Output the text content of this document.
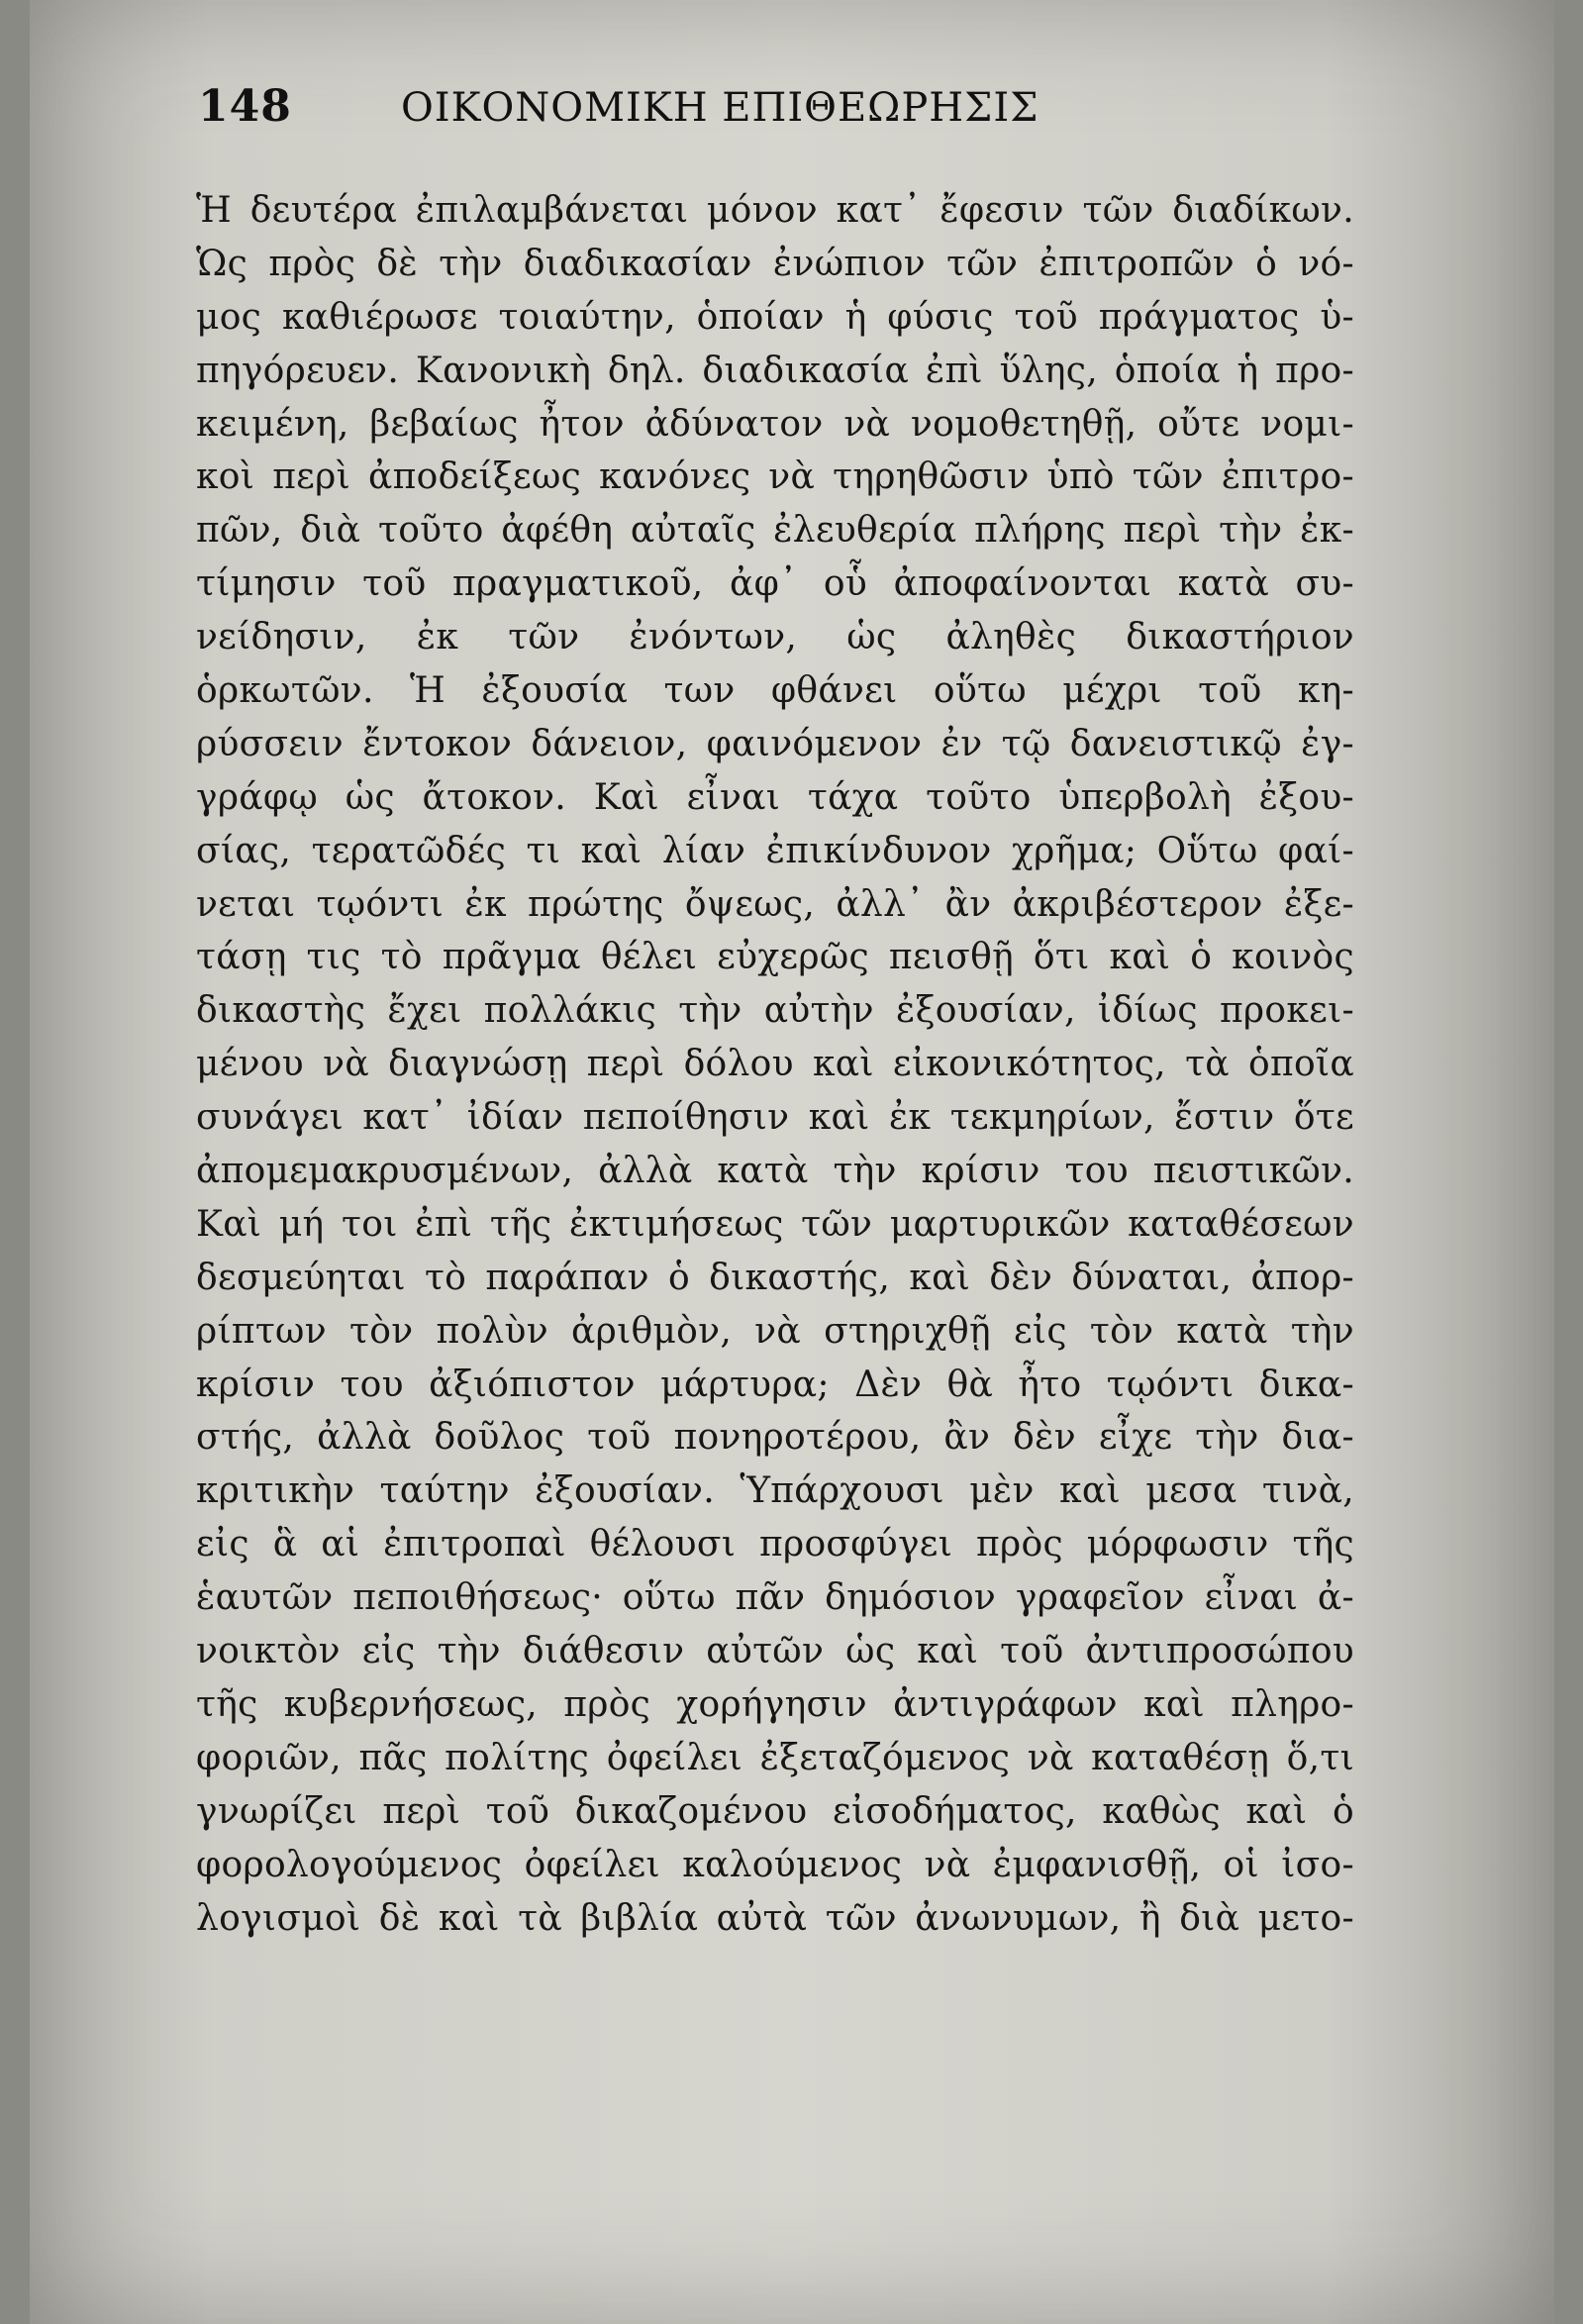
148	ΟΙΚΟΝΟΜΙΚΗ ΕΠΙΘΕΩΡΗΣΙΣ
Ἡ δευτέρα ἐπιλαμβάνεται μόνον κατ᾽ ἔφεσιν τῶν διαδίκων.
Ὡς πρὸς δὲ τὴν διαδικασίαν ἐνώπιον τῶν ἐπιτροπῶν ὁ νό-
μος καθιέρωσε τοιαύτην, ὁποίαν ἡ φύσις τοῦ πράγματος ὑ-
πηγόρευεν. Κανονικὴ δηλ. διαδικασία ἐπὶ ὕλης, ὁποία ἡ προ-
κειμένη, βεβαίως ἦτον ἀδύνατον νὰ νομοθετηθῇ, οὔτε νομι-
κοὶ περὶ ἀποδείξεως κανόνες νὰ τηρηθῶσιν ὑπὸ τῶν ἐπιτρο-
πῶν, διὰ τοῦτο ἀφέθη αὐταῖς ἐλευθερία πλήρης περὶ τὴν ἐκ-
τίμησιν τοῦ πραγματικοῦ, ἀφ᾽ οὗ ἀποφαίνονται κατὰ συ-
νείδησιν, ἐκ τῶν ἐνόντων, ὡς ἀληθὲς δικαστήριον
ὁρκωτῶν. Ἡ ἐξουσία των φθάνει οὕτω μέχρι τοῦ κη-
ρύσσειν ἔντοκον δάνειον, φαινόμενον ἐν τῷ δανειστικῷ ἐγ-
γράφῳ ὡς ἄτοκον. Καὶ εἶναι τάχα τοῦτο ὑπερβολὴ ἐξου-
σίας, τερατῶδές τι καὶ λίαν ἐπικίνδυνον χρῆμα; Οὕτω φαί-
νεται τῳόντι ἐκ πρώτης ὄψεως, ἀλλ᾽ ἂν ἀκριβέστερον ἐξε-
τάσῃ τις τὸ πρᾶγμα θέλει εὐχερῶς πεισθῇ ὅτι καὶ ὁ κοινὸς
δικαστὴς ἔχει πολλάκις τὴν αὐτὴν ἐξουσίαν, ἰδίως προκει-
μένου νὰ διαγνώσῃ περὶ δόλου καὶ εἰκονικότητος, τὰ ὁποῖα
συνάγει κατ᾽ ἰδίαν πεποίθησιν καὶ ἐκ τεκμηρίων, ἔστιν ὅτε
ἀπομεμακρυσμένων, ἀλλὰ κατὰ τὴν κρίσιν του πειστικῶν.
Καὶ μή τοι ἐπὶ τῆς ἐκτιμήσεως τῶν μαρτυρικῶν καταθέσεων
δεσμεύηται τὸ παράπαν ὁ δικαστής, καὶ δὲν δύναται, ἀπορ-
ρίπτων τὸν πολὺν ἀριθμὸν, νὰ στηριχθῇ εἰς τὸν κατὰ τὴν
κρίσιν του ἀξιόπιστον μάρτυρα; Δὲν θὰ ἦτο τῳόντι δικα-
στής, ἀλλὰ δοῦλος τοῦ πονηροτέρου, ἂν δὲν εἶχε τὴν δια-
κριτικὴν ταύτην ἐξουσίαν. Ὑπάρχουσι μὲν καὶ μεσα τινὰ,
εἰς ἃ αἱ ἐπιτροπαὶ θέλουσι προσφύγει πρὸς μόρφωσιν τῆς
ἑαυτῶν πεποιθήσεως· οὕτω πᾶν δημόσιον γραφεῖον εἶναι ἀ-
νοικτὸν εἰς τὴν διάθεσιν αὐτῶν ὡς καὶ τοῦ ἀντιπροσώπου
τῆς κυβερνήσεως, πρὸς χορήγησιν ἀντιγράφων καὶ πληρο-
φοριῶν, πᾶς πολίτης ὀφείλει ἐξεταζόμενος νὰ καταθέσῃ ὅ,τι
γνωρίζει περὶ τοῦ δικαζομένου εἰσοδήματος, καθὼς καὶ ὁ
φορολογούμενος ὀφείλει καλούμενος νὰ ἐμφανισθῇ, οἱ ἰσο-
λογισμοὶ δὲ καὶ τὰ βιβλία αὐτὰ τῶν ἀνωνυμων, ἢ διὰ μετο-
